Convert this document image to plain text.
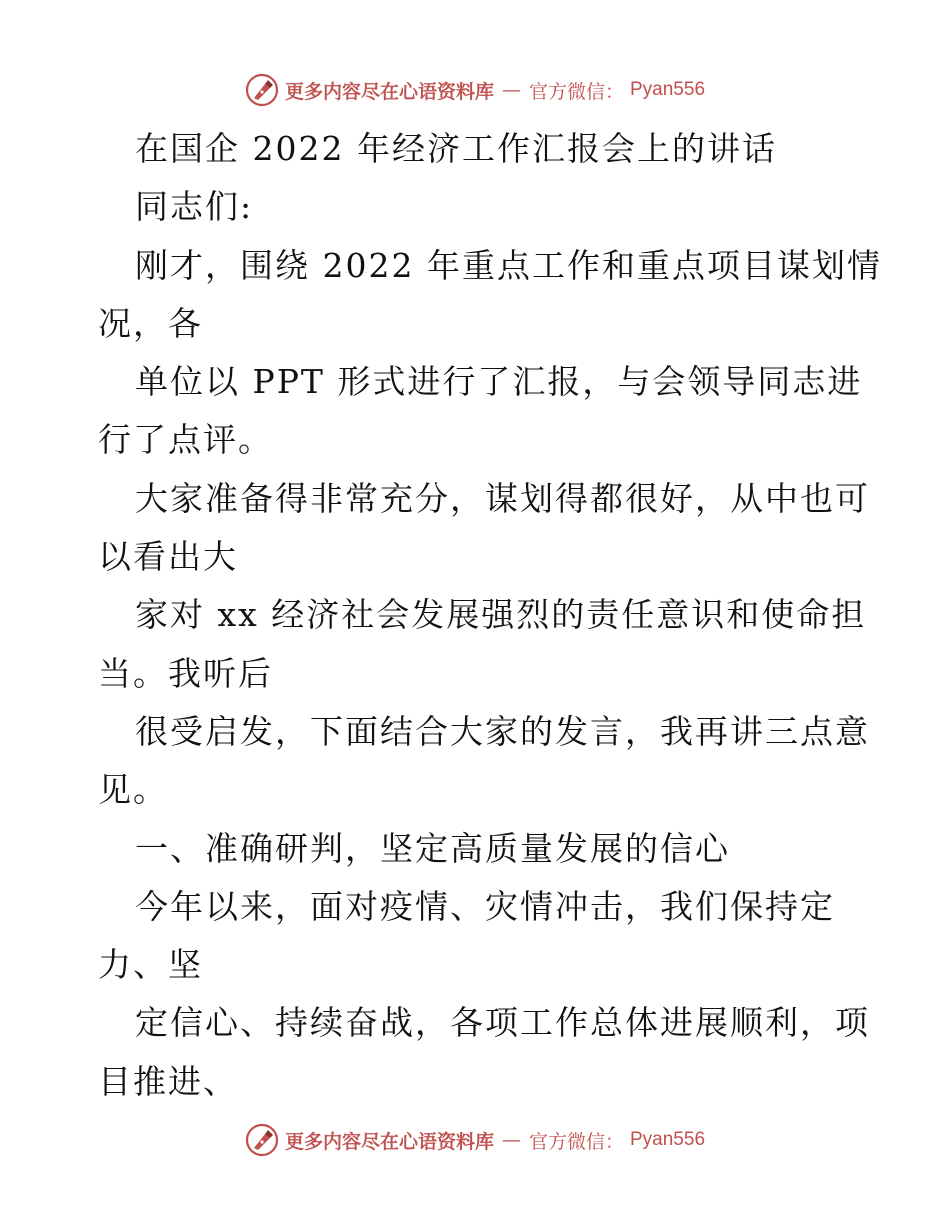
更多内容尽在心语资料库 — 官方微信： Pyan556
在国企 2022 年经济工作汇报会上的讲话
同志们:
刚才，围绕 2022 年重点工作和重点项目谋划情
况，各
单位以 PPT 形式进行了汇报，与会领导同志进
行了点评。
大家准备得非常充分，谋划得都很好，从中也可
以看出大
家对 xx 经济社会发展强烈的责任意识和使命担
当。我听后
很受启发，下面结合大家的发言，我再讲三点意
见。
一、准确研判，坚定高质量发展的信心
今年以来，面对疫情、灾情冲击，我们保持定
力、坚
定信心、持续奋战，各项工作总体进展顺利，项
目推进、
更多内容尽在心语资料库 — 官方微信： Pyan556
